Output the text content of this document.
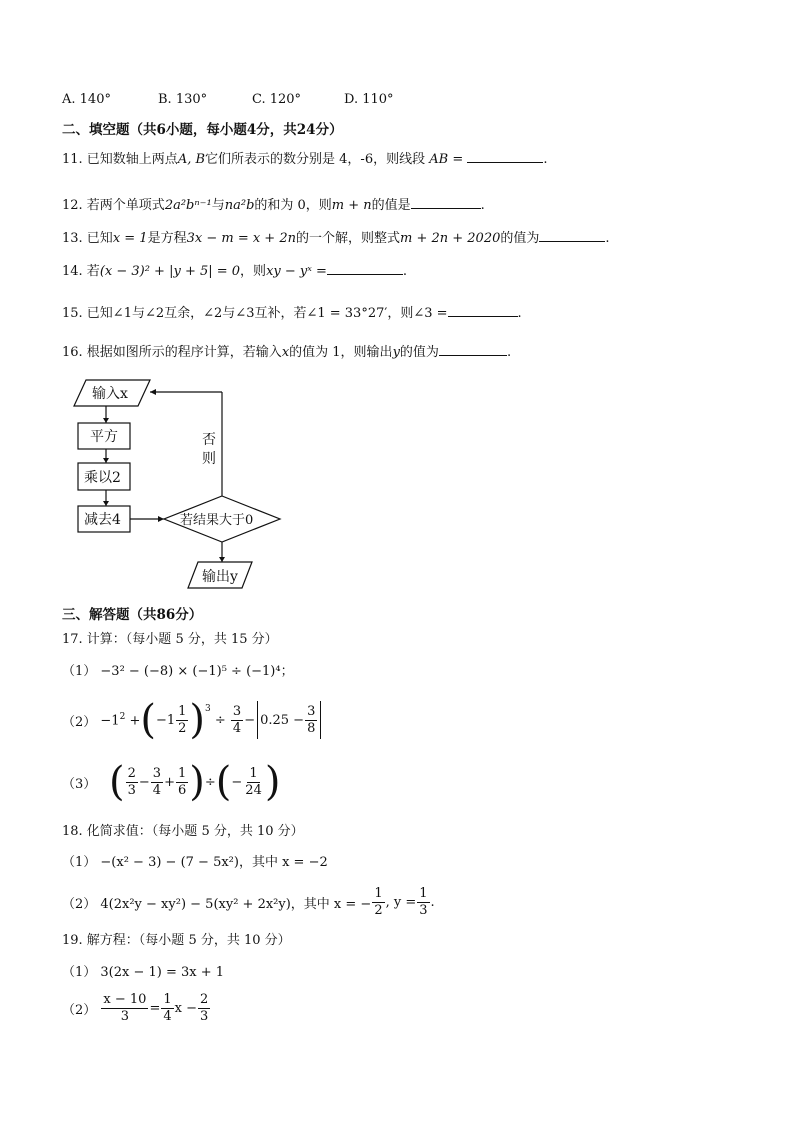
A. 140°	B. 130°	C. 120°	D. 110°
二、填空题（共6小题，每小题4分，共24分）
11. 已知数轴上两点A, B它们所表示的数分别是 4，-6，则线段 AB =	.
12. 若两个单项式2a²bⁿ⁻¹与na²b的和为 0，则m + n的值是	.
13. 已知x = 1是方程3x − m = x + 2n的一个解，则整式m + 2n + 2020的值为	.
14. 若(x − 3)² + |y + 5| = 0，则xy − yˣ =	.
15. 已知∠1与∠2互余，∠2与∠3互补，若∠1 = 33°27′，则∠3 =	.
16. 根据如图所示的程序计算，若输入x的值为 1，则输出y的值为	.
输入x
平方
乘以2
减去4	若结果大于0
否
则
输出y
三、解答题（共86分）
17. 计算：（每小题 5 分，共 15 分）
（1） −3² − (−8) × (−1)⁵ ÷ (−1)⁴；
$(2) -1^2$ + ( $-1 \frac{1}{2} )^3$
÷ $\frac{3}{4} - 0.25 - \frac{3}{8}$
（3） ( $\frac{2}{3} - \frac{3}{4} + \frac{1}{6}$ ) ÷ ( − $\frac{1}{24}$ )
18. 化简求值：（每小题 5 分，共 10 分）
（1） −(x² − 3) − (7 − 5x²)，其中 x = −2
（2） 4(2x²y − xy²) − 5(xy² + 2x²y)，其中 x = − $\frac{1}{2}$ , $y = \frac{1}{3}$ .
19. 解方程：（每小题 5 分，共 10 分）
（1） 3(2x − 1) = 3x + 1
（2）
$\frac{x - 10}{3} = \frac{1}{4}$ $x - \frac{2}{3}$
